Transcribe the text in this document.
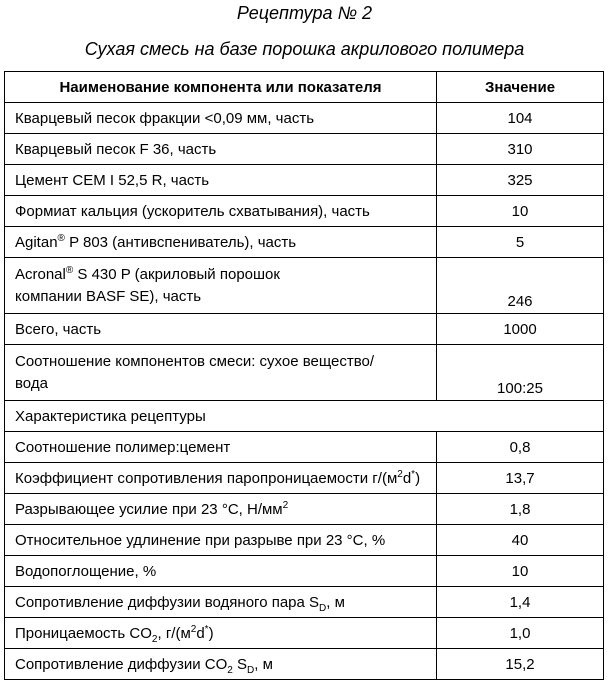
Рецептура № 2
Сухая смесь на базе порошка акрилового полимера
Наименование компонента или показателя	Значение
Кварцевый песок фракции <0,09 мм, часть	104
Кварцевый песок F 36, часть	310
Цемент CEM I 52,5 R, часть	325
Формиат кальция (ускоритель схватывания), часть	10
Agitan® P 803 (антивспениватель), часть	5
Acronal® S 430 P (акриловый порошок
компании BASF SE), часть	246
Всего, часть	1000
Соотношение компонентов смеси: сухое вещество/
вода	100:25
Характеристика рецептуры	
Соотношение полимер:цемент	0,8
Коэффициент сопротивления паропроницаемости $г/(м^2d^*)$	13,7
Разрывающее усилие при 23 °C, $Н/мм^2$	1,8
Относительное удлинение при разрыве при 23 °C, %	40
Водопоглощение, %	10
Сопротивление диффузии водяного пара $S_D$, м	1,4
Проницаемость $CO_2$, $г/(м^2d^*)$	1,0
Сопротивление диффузии $CO_2$ $S_D$, м	15,2
